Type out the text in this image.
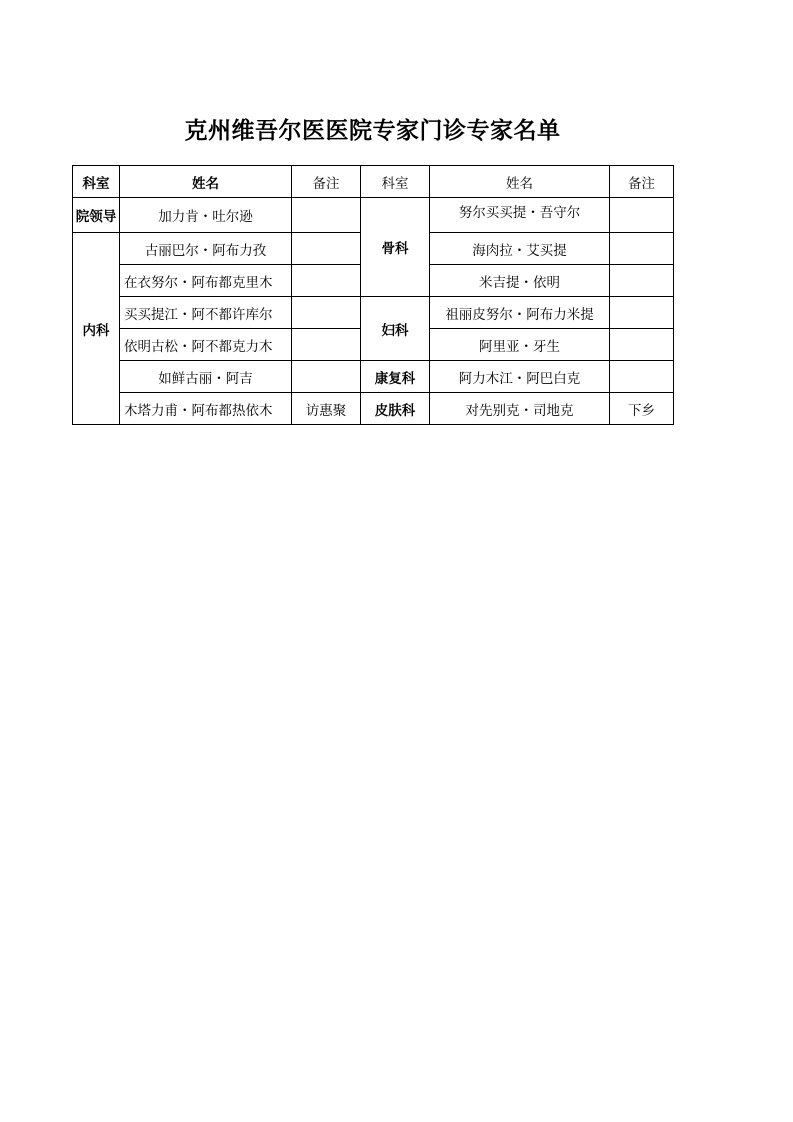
克州维吾尔医医院专家门诊专家名单
科室	姓名	备注	科室	姓名	备注
院领导	加力肯・吐尔逊		骨科	努尔买买提・吾守尔	
内科	古丽巴尔・阿布力孜			海肉拉・艾买提	
	在衣努尔・阿布都克里木			米吉提・依明	
	买买提江・阿不都许库尔		妇科	祖丽皮努尔・阿布力米提	
	依明古松・阿不都克力木			阿里亚・牙生	
	如鲜古丽・阿吉		康复科	阿力木江・阿巴白克	
	木塔力甫・阿布都热依木	访惠聚	皮肤科	对先别克・司地克	下乡
